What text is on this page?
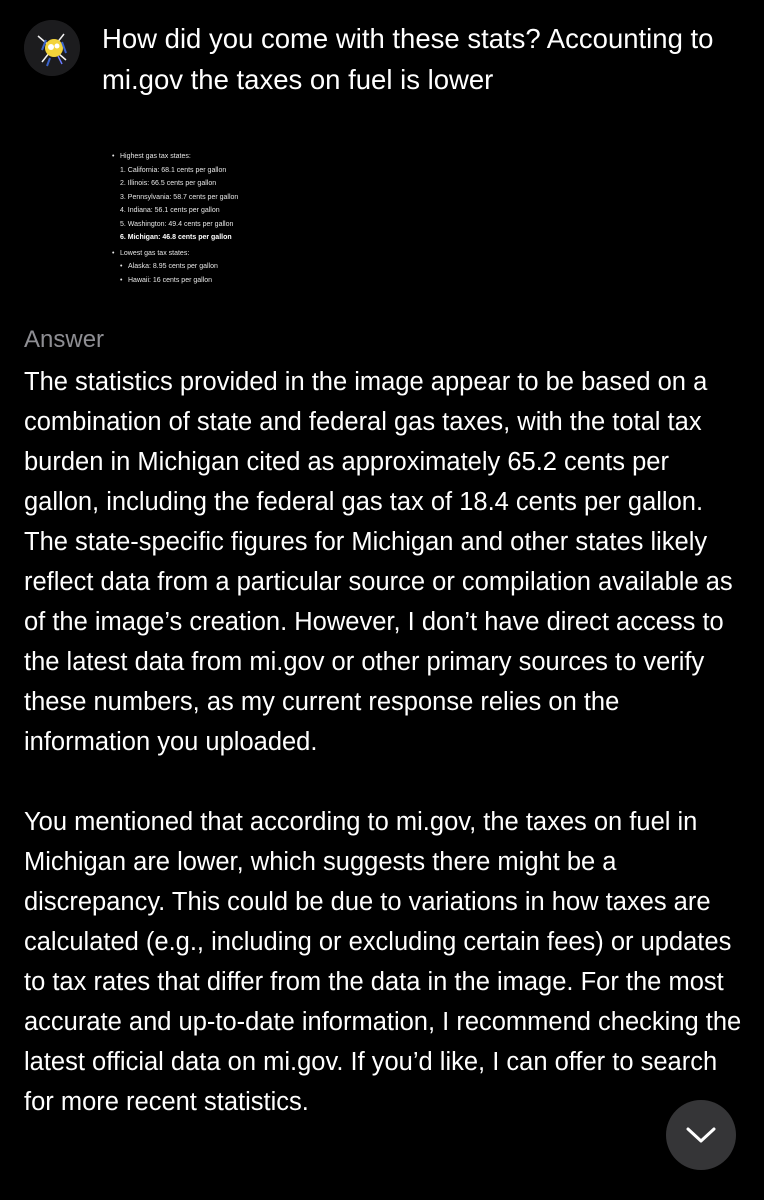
How did you come with these stats? Accounting to mi.gov the taxes on fuel is lower

• Highest gas tax states:
1. California: 68.1 cents per gallon
2. Illinois: 66.5 cents per gallon
3. Pennsylvania: 58.7 cents per gallon
4. Indiana: 56.1 cents per gallon
5. Washington: 49.4 cents per gallon
6. Michigan: 46.8 cents per gallon
• Lowest gas tax states:
• Alaska: 8.95 cents per gallon
• Hawaii: 16 cents per gallon

Answer

The statistics provided in the image appear to be based on a combination of state and federal gas taxes, with the total tax burden in Michigan cited as approximately 65.2 cents per gallon, including the federal gas tax of 18.4 cents per gallon. The state-specific figures for Michigan and other states likely reflect data from a particular source or compilation available as of the image’s creation. However, I don’t have direct access to the latest data from mi.gov or other primary sources to verify these numbers, as my current response relies on the information you uploaded.

You mentioned that according to mi.gov, the taxes on fuel in Michigan are lower, which suggests there might be a discrepancy. This could be due to variations in how taxes are calculated (e.g., including or excluding certain fees) or updates to tax rates that differ from the data in the image. For the most accurate and up-to-date information, I recommend checking the latest official data on mi.gov. If you’d like, I can offer to search for more recent statistics.
